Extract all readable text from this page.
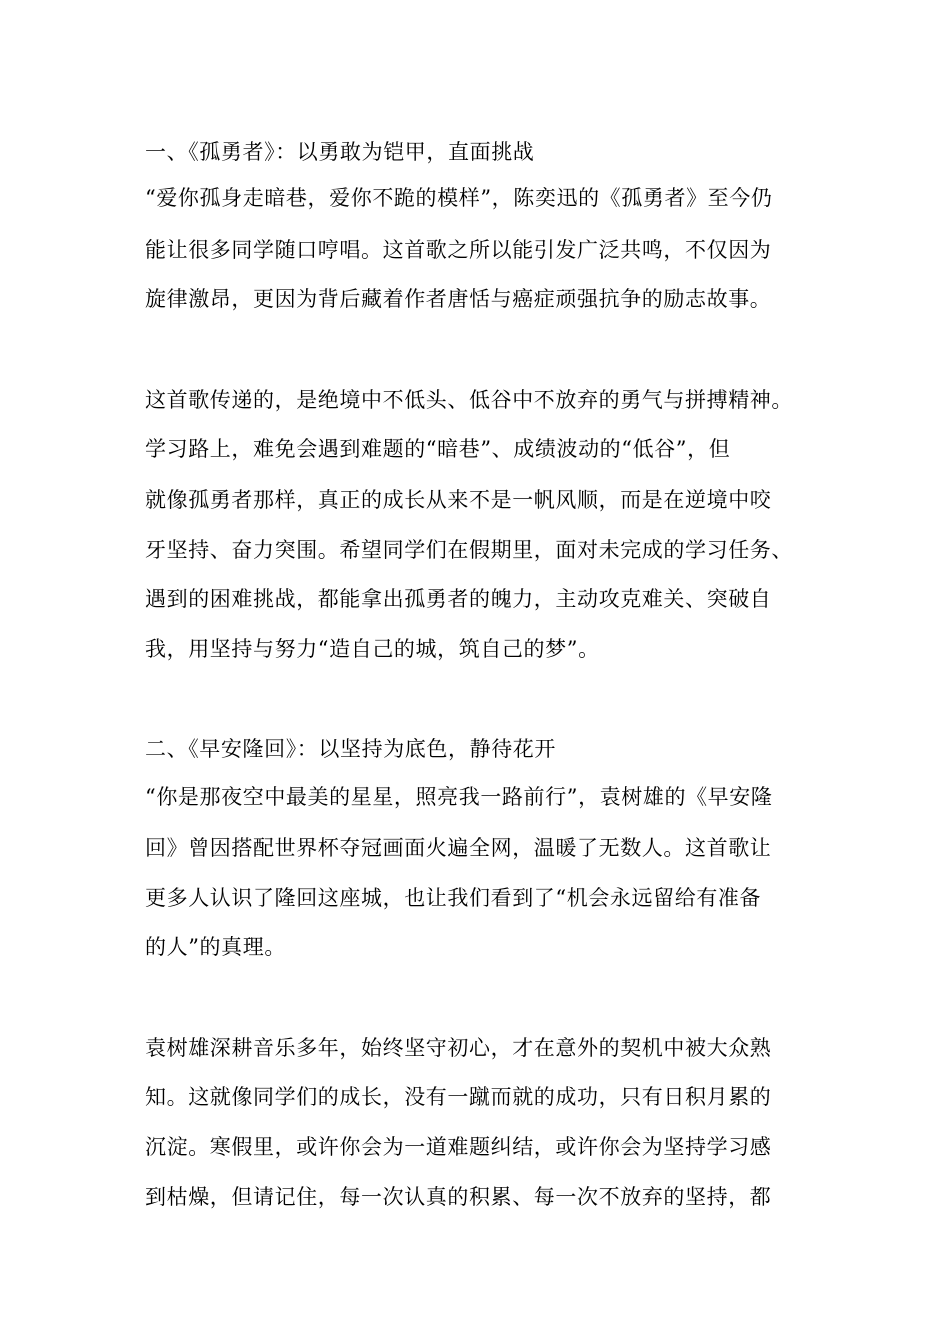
一、《孤勇者》：以勇敢为铠甲，直面挑战
“爱你孤身走暗巷，爱你不跪的模样”，陈奕迅的《孤勇者》至今仍
能让很多同学随口哼唱。这首歌之所以能引发广泛共鸣，不仅因为
旋律激昂，更因为背后藏着作者唐恬与癌症顽强抗争的励志故事。
这首歌传递的，是绝境中不低头、低谷中不放弃的勇气与拼搏精神。
学习路上，难免会遇到难题的“暗巷”、成绩波动的“低谷”，但
就像孤勇者那样，真正的成长从来不是一帆风顺，而是在逆境中咬
牙坚持、奋力突围。希望同学们在假期里，面对未完成的学习任务、
遇到的困难挑战，都能拿出孤勇者的魄力，主动攻克难关、突破自
我，用坚持与努力“造自己的城，筑自己的梦”。
二、《早安隆回》：以坚持为底色，静待花开
“你是那夜空中最美的星星，照亮我一路前行”，袁树雄的《早安隆
回》曾因搭配世界杯夺冠画面火遍全网，温暖了无数人。这首歌让
更多人认识了隆回这座城，也让我们看到了“机会永远留给有准备
的人”的真理。
袁树雄深耕音乐多年，始终坚守初心，才在意外的契机中被大众熟
知。这就像同学们的成长，没有一蹴而就的成功，只有日积月累的
沉淀。寒假里，或许你会为一道难题纠结，或许你会为坚持学习感
到枯燥，但请记住，每一次认真的积累、每一次不放弃的坚持，都
